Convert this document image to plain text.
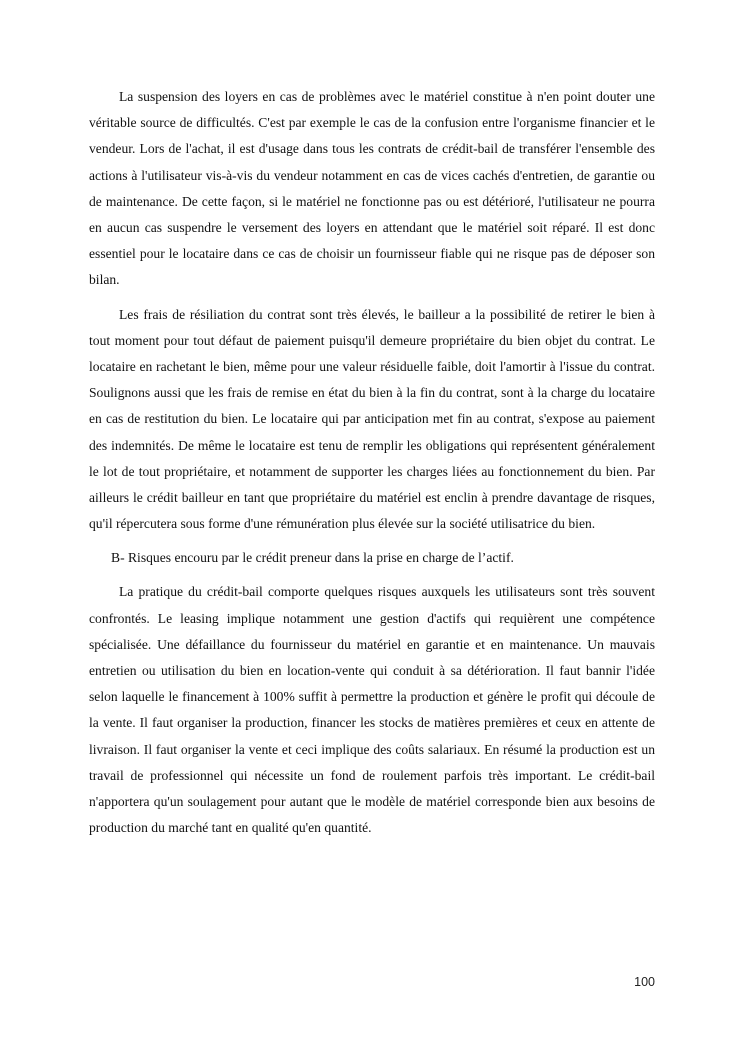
La suspension des loyers en cas de problèmes avec le matériel constitue à n'en point douter une véritable source de difficultés. C'est par exemple le cas de la confusion entre l'organisme financier et le vendeur. Lors de l'achat, il est d'usage dans tous les contrats de crédit-bail de transférer l'ensemble des actions à l'utilisateur vis-à-vis du vendeur notamment en cas de vices cachés d'entretien, de garantie ou de maintenance. De cette façon, si le matériel ne fonctionne pas ou est détérioré, l'utilisateur ne pourra en aucun cas suspendre le versement des loyers en attendant que le matériel soit réparé. Il est donc essentiel pour le locataire dans ce cas de choisir un fournisseur fiable qui ne risque pas de déposer son bilan.

Les frais de résiliation du contrat sont très élevés, le bailleur a la possibilité de retirer le bien à tout moment pour tout défaut de paiement puisqu'il demeure propriétaire du bien objet du contrat. Le locataire en rachetant le bien, même pour une valeur résiduelle faible, doit l'amortir à l'issue du contrat. Soulignons aussi que les frais de remise en état du bien à la fin du contrat, sont à la charge du locataire en cas de restitution du bien. Le locataire qui par anticipation met fin au contrat, s'expose au paiement des indemnités. De même le locataire est tenu de remplir les obligations qui représentent généralement le lot de tout propriétaire, et notamment de supporter les charges liées au fonctionnement du bien. Par ailleurs le crédit bailleur en tant que propriétaire du matériel est enclin à prendre davantage de risques, qu'il répercutera sous forme d'une rémunération plus élevée sur la société utilisatrice du bien.

B- Risques encouru par le crédit preneur dans la prise en charge de l’actif.

La pratique du crédit-bail comporte quelques risques auxquels les utilisateurs sont très souvent confrontés. Le leasing implique notamment une gestion d'actifs qui requièrent une compétence spécialisée. Une défaillance du fournisseur du matériel en garantie et en maintenance. Un mauvais entretien ou utilisation du bien en location-vente qui conduit à sa détérioration. Il faut bannir l'idée selon laquelle le financement à 100% suffit à permettre la production et génère le profit qui découle de la vente. Il faut organiser la production, financer les stocks de matières premières et ceux en attente de livraison. Il faut organiser la vente et ceci implique des coûts salariaux. En résumé la production est un travail de professionnel qui nécessite un fond de roulement parfois très important. Le crédit-bail n'apportera qu'un soulagement pour autant que le modèle de matériel corresponde bien aux besoins de production du marché tant en qualité qu'en quantité.

100
